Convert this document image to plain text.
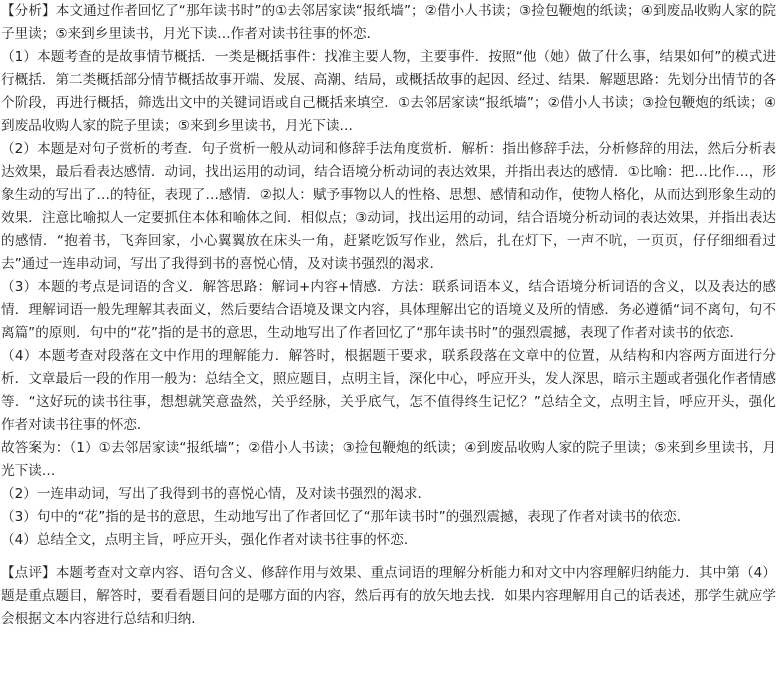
【分析】本文通过作者回忆了“那年读书时”的①去邻居家读“报纸墙”；②借小人书读；③捡包鞭炮的纸读；④到废品收购人家的院子里读；⑤来到乡里读书，月光下读…作者对读书往事的怀恋．

（1）本题考查的是故事情节概括．一类是概括事件：找准主要人物，主要事件．按照“他（她）做了什么事，结果如何”的模式进行概括．第二类概括部分情节概括故事开端、发展、高潮、结局，或概括故事的起因、经过、结果．解题思路：先划分出情节的各个阶段，再进行概括，筛选出文中的关键词语或自己概括来填空．①去邻居家读“报纸墙”；②借小人书读；③捡包鞭炮的纸读；④到废品收购人家的院子里读；⑤来到乡里读书，月光下读…

（2）本题是对句子赏析的考查．句子赏析一般从动词和修辞手法角度赏析．解析：指出修辞手法，分析修辞的用法，然后分析表达效果，最后看表达感情．动词，找出运用的动词，结合语境分析动词的表达效果，并指出表达的感情．①比喻：把…比作…，形象生动的写出了…的特征，表现了…感情．②拟人：赋予事物以人的性格、思想、感情和动作，使物人格化，从而达到形象生动的效果．注意比喻拟人一定要抓住本体和喻体之间．相似点；③动词，找出运用的动词，结合语境分析动词的表达效果，并指出表达的感情．“抱着书，飞奔回家，小心翼翼放在床头一角，赶紧吃饭写作业，然后，扎在灯下，一声不吭，一页页，仔仔细细看过去”通过一连串动词，写出了我得到书的喜悦心情，及对读书强烈的渴求．

（3）本题的考点是词语的含义．解答思路：解词+内容+情感．方法：联系词语本义，结合语境分析词语的含义，以及表达的感情．理解词语一般先理解其表面义，然后要结合语境及课文内容，具体理解出它的语境义及所的情感．务必遵循“词不离句，句不离篇”的原则．句中的“花”指的是书的意思，生动地写出了作者回忆了“那年读书时”的强烈震撼，表现了作者对读书的依恋．

（4）本题考查对段落在文中作用的理解能力．解答时，根据题干要求，联系段落在文章中的位置，从结构和内容两方面进行分析．文章最后一段的作用一般为：总结全文，照应题目，点明主旨，深化中心，呼应开头，发人深思，暗示主题或者强化作者情感等．“这好玩的读书往事，想想就笑意盎然，关乎经脉，关乎底气，怎不值得终生记忆？”总结全文，点明主旨，呼应开头，强化作者对读书往事的怀恋．

故答案为：（1）①去邻居家读“报纸墙”；②借小人书读；③捡包鞭炮的纸读；④到废品收购人家的院子里读；⑤来到乡里读书，月光下读…

（2）一连串动词，写出了我得到书的喜悦心情，及对读书强烈的渴求．

（3）句中的“花”指的是书的意思，生动地写出了作者回忆了“那年读书时”的强烈震撼，表现了作者对读书的依恋．

（4）总结全文，点明主旨，呼应开头，强化作者对读书往事的怀恋．

【点评】本题考查对文章内容、语句含义、修辞作用与效果、重点词语的理解分析能力和对文中内容理解归纳能力．其中第（4）题是重点题目，解答时，要看看题目问的是哪方面的内容，然后再有的放矢地去找．如果内容理解用自己的话表述，那学生就应学会根据文本内容进行总结和归纳．
